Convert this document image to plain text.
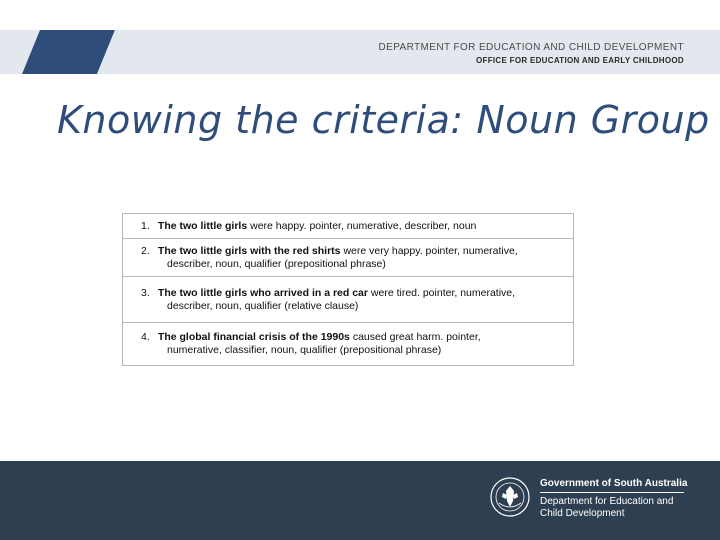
DEPARTMENT FOR EDUCATION AND CHILD DEVELOPMENT
OFFICE FOR EDUCATION AND EARLY CHILDHOOD
Knowing the criteria: Noun Group
1. The two little girls were happy. pointer, numerative, describer, noun
2. The two little girls with the red shirts were very happy. pointer, numerative,
describer, noun, qualifier (prepositional phrase)
3. The two little girls who arrived in a red car were tired. pointer, numerative,
describer, noun, qualifier (relative clause)
4. The global financial crisis of the 1990s caused great harm. pointer,
numerative, classifier, noun, qualifier (prepositional phrase)
Government of South Australia
Department for Education and
Child Development
